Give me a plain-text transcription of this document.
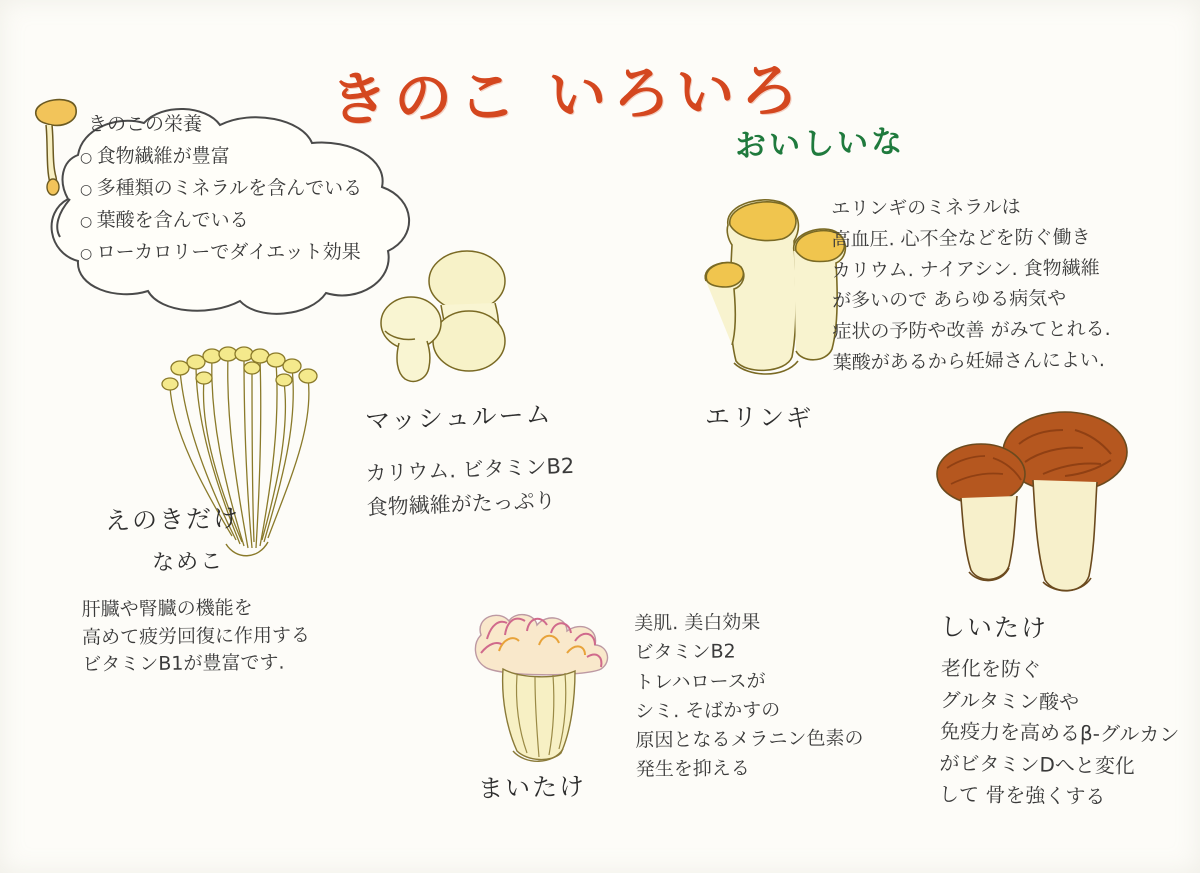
きのこ いろいろ
おいしいな
きのこの栄養
○ 食物繊維が豊富
○ 多種類のミネラルを含んでいる
○ 葉酸を含んでいる
○ ローカロリーでダイエット効果
えのきだけ
なめこ
肝臓や腎臓の機能を
高めて疲労回復に作用する
ビタミンB1が豊富です.
マッシュルーム
カリウム. ビタミンB2
食物繊維がたっぷり
エリンギ
エリンギのミネラルは
高血圧. 心不全などを防ぐ働き
カリウム. ナイアシン. 食物繊維
が多いので あらゆる病気や
症状の予防や改善 がみてとれる.
葉酸があるから妊婦さんによい.
しいたけ
老化を防ぐ
グルタミン酸や
免疫力を高めるβ-グルカン
がビタミンDへと変化
して 骨を強くする
まいたけ
美肌. 美白効果
ビタミンB2
トレハロースが
シミ. そばかすの
原因となるメラニン色素の
発生を抑える
